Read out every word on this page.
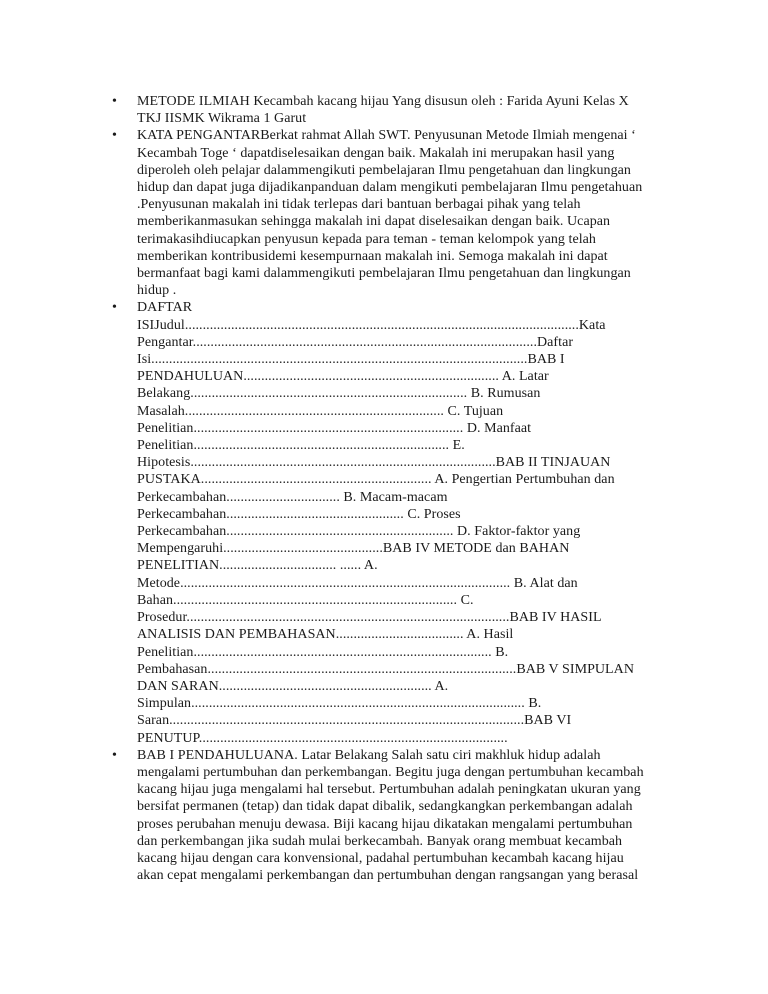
• METODE ILMIAH Kecambah kacang hijau Yang disusun oleh : Farida Ayuni Kelas X
TKJ IISMK Wikrama 1 Garut
• KATA PENGANTARBerkat rahmat Allah SWT. Penyusunan Metode Ilmiah mengenai ‘
Kecambah Toge ‘ dapatdiselesaikan dengan baik. Makalah ini merupakan hasil yang
diperoleh oleh pelajar dalammengikuti pembelajaran Ilmu pengetahuan dan lingkungan
hidup dan dapat juga dijadikanpanduan dalam mengikuti pembelajaran Ilmu pengetahuan
.Penyusunan makalah ini tidak terlepas dari bantuan berbagai pihak yang telah
memberikanmasukan sehingga makalah ini dapat diselesaikan dengan baik. Ucapan
terimakasihdiucapkan penyusun kepada para teman - teman kelompok yang telah
memberikan kontribusidemi kesempurnaan makalah ini. Semoga makalah ini dapat
bermanfaat bagi kami dalammengikuti pembelajaran Ilmu pengetahuan dan lingkungan
hidup .
• DAFTAR
ISIJudul...............................................................................................................Kata
Pengantar.................................................................................................Daftar
Isi..........................................................................................................BAB I
PENDAHULUAN........................................................................ A. Latar
Belakang.............................................................................. B. Rumusan
Masalah......................................................................... C. Tujuan
Penelitian............................................................................ D. Manfaat
Penelitian........................................................................ E.
Hipotesis......................................................................................BAB II TINJAUAN
PUSTAKA................................................................. A. Pengertian Pertumbuhan dan
Perkecambahan................................ B. Macam-macam
Perkecambahan.................................................. C. Proses
Perkecambahan................................................................ D. Faktor-faktor yang
Mempengaruhi.............................................BAB IV METODE dan BAHAN
PENELITIAN................................. ...... A.
Metode............................................................................................. B. Alat dan
Bahan................................................................................ C.
Prosedur...........................................................................................BAB IV HASIL
ANALISIS DAN PEMBAHASAN.................................... A. Hasil
Penelitian.................................................................................... B.
Pembahasan.......................................................................................BAB V SIMPULAN
DAN SARAN............................................................ A.
Simpulan.............................................................................................. B.
Saran....................................................................................................BAB VI
PENUTUP.......................................................................................
• BAB I PENDAHULUANA. Latar Belakang Salah satu ciri makhluk hidup adalah
mengalami pertumbuhan dan perkembangan. Begitu juga dengan pertumbuhan kecambah
kacang hijau juga mengalami hal tersebut. Pertumbuhan adalah peningkatan ukuran yang
bersifat permanen (tetap) dan tidak dapat dibalik, sedangkangkan perkembangan adalah
proses perubahan menuju dewasa. Biji kacang hijau dikatakan mengalami pertumbuhan
dan perkembangan jika sudah mulai berkecambah. Banyak orang membuat kecambah
kacang hijau dengan cara konvensional, padahal pertumbuhan kecambah kacang hijau
akan cepat mengalami perkembangan dan pertumbuhan dengan rangsangan yang berasal
